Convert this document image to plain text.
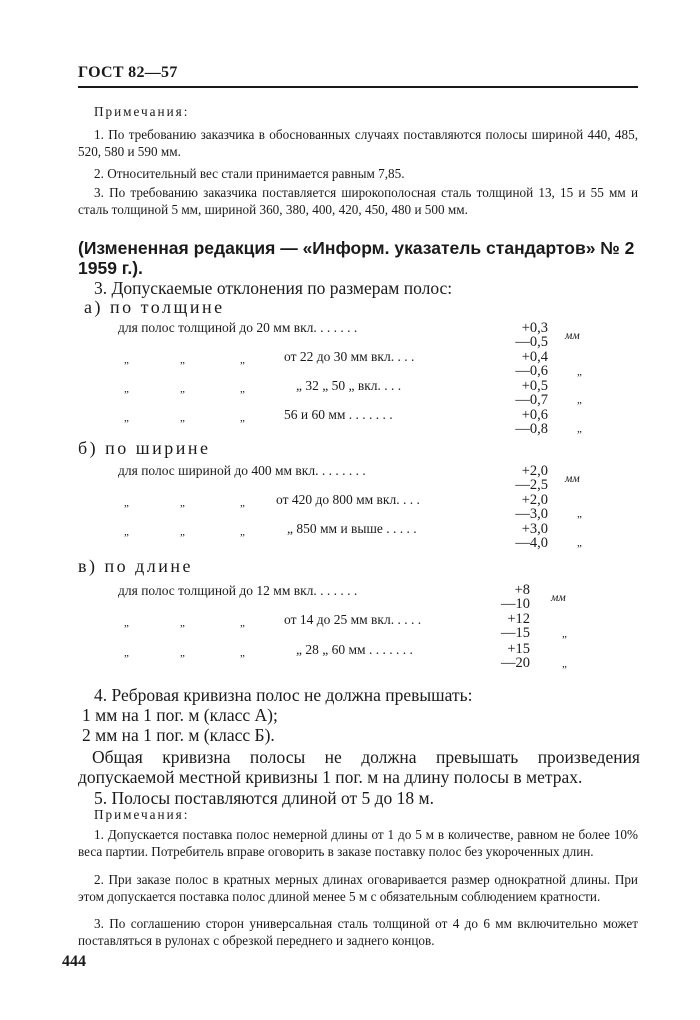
ГОСТ 82—57
Примечания:
1. По требованию заказчика в обоснованных случаях поставляются полосы шириной 440, 485, 520, 580 и 590 мм.
2. Относительный вес стали принимается равным 7,85.
3. По требованию заказчика поставляется широкополосная сталь толщиной 13, 15 и 55 мм и сталь толщиной 5 мм, шириной 360, 380, 400, 420, 450, 480 и 500 мм.
(Измененная редакция — «Информ. указатель стандартов» № 2 1959 г.).
3. Допускаемые отклонения по размерам полос:
а) по толщине
для полос толщиной до 20 мм вкл. . . . . . .	+0,3
—0,5 мм
„	„	„	от 22 до 30 мм вкл. . . .	+0,4
—0,6	„
„	„	„	„ 32 „ 50 „ вкл. . . .	+0,5
—0,7	„
„	„	„	56 и 60 мм . . . . . . .	+0,6
—0,8	„
б) по ширине
для полос шириной до 400 мм вкл. . . . . . . .	+2,0
—2,5 мм
„	„	„ от 420 до 800 мм вкл. . . .	+2,0
—3,0	„
„	„	„	„ 850 мм и выше . . . . .	+3,0
—4,0	„
в) по длине
для полос толщиной до 12 мм вкл. . . . . . .	+8
—10 мм
„	„	„	от 14 до 25 мм вкл. . . . .	+12
—15	„
„	„	„	„ 28 „ 60 мм . . . . . . .	+15
—20	„
4. Ребровая кривизна полос не должна превышать:
1 мм на 1 пог. м (класс А);
2 мм на 1 пог. м (класс Б).
Общая кривизна полосы не должна превышать произведения допускаемой местной кривизны 1 пог. м на длину полосы в метрах.
5. Полосы поставляются длиной от 5 до 18 м.
Примечания:
1. Допускается поставка полос немерной длины от 1 до 5 м в количестве, равном не более 10% веса партии. Потребитель вправе оговорить в заказе поставку полос без укороченных длин.
2. При заказе полос в кратных мерных длинах оговаривается размер однократной длины. При этом допускается поставка полос длиной менее 5 м с обязательным соблюдением кратности.
3. По соглашению сторон универсальная сталь толщиной от 4 до 6 мм включительно может поставляться в рулонах с обрезкой переднего и заднего концов.
444
